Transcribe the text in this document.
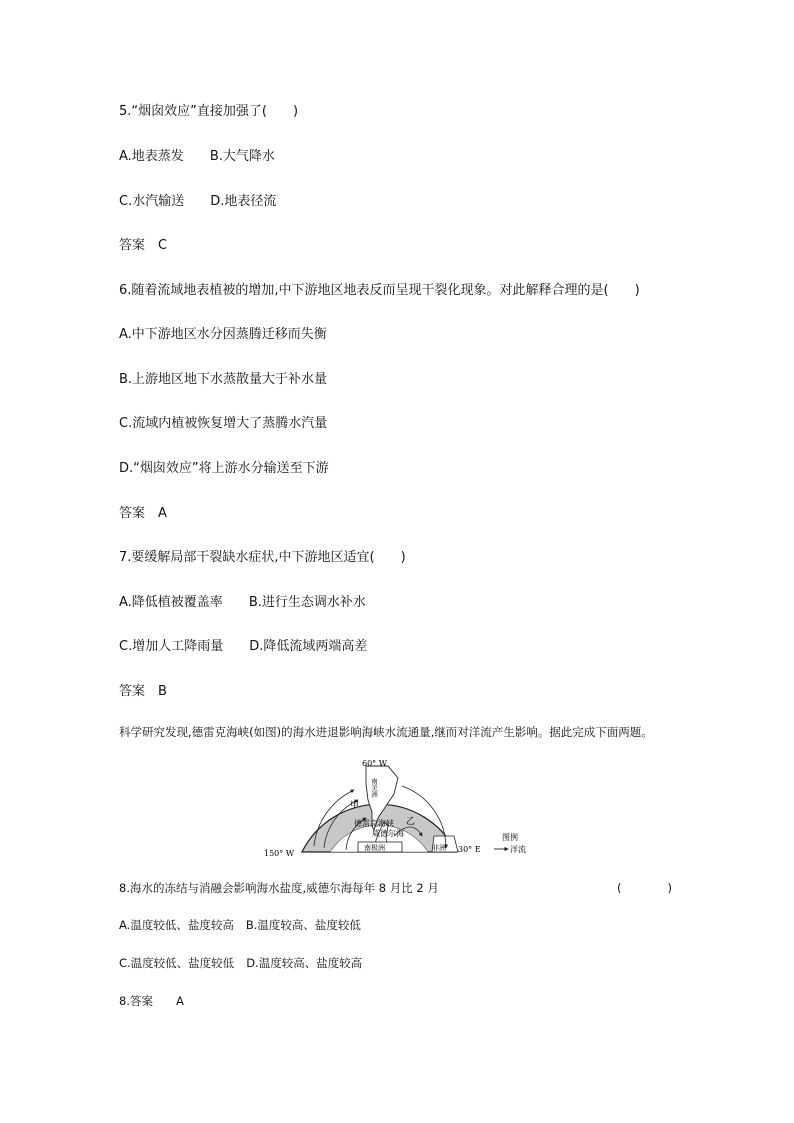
5.“烟囱效应”直接加强了(　　)
A.地表蒸发 B.大气降水
C.水汽输送 D.地表径流
答案　C
6.随着流域地表植被的增加,中下游地区地表反而呈现干裂化现象。对此解释合理的是(　　)
A.中下游地区水分因蒸腾迁移而失衡
B.上游地区地下水蒸散量大于补水量
C.流域内植被恢复增大了蒸腾水汽量
D.“烟囱效应”将上游水分输送至下游
答案　A
7.要缓解局部干裂缺水症状,中下游地区适宜(　　)
A.降低植被覆盖率 B.进行生态调水补水
C.增加人工降雨量 D.降低流域两端高差
答案　B
科学研究发现,德雷克海峡(如图)的海水进退影响海峡水流通量,继而对洋流产生影响。据此完成下面两题。
60° W
150° W	30° E
南美洲
甲
乙
德雷克海峡
威德尔海
南极洲	非洲
图例
洋流
8.海水的冻结与消融会影响海水盐度,威德尔海每年 8 月比 2 月	(　　　　)
A.温度较低、盐度较高 B.温度较高、盐度较低
C.温度较低、盐度较低 D.温度较高、盐度较高
8.答案　　A
